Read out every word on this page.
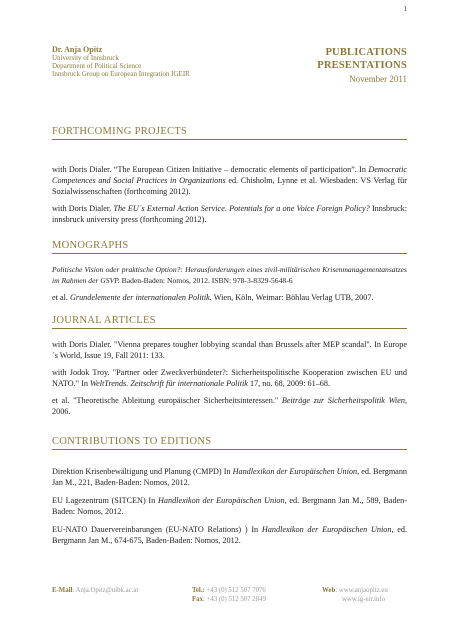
1
Dr. Anja Opitz
University of Innsbruck
Department of Political Science
Innsbruck Group on European Integration IGEIR
PUBLICATIONS
PRESENTATIONS
November 2011
FORTHCOMING PROJECTS
with Doris Dialer. “The European Citizen Initiative – democratic elements of participation”. In Democratic Competences and Social Practices in Organizations ed. Chisholm, Lynne et al. Wiesbaden: VS Verlag für Sozialwissenschaften (forthcoming 2012).
with Doris Dialer. The EU´s External Action Service. Potentials for a one Voice Foreign Policy? Innsbruck: innsbruck university press (forthcoming 2012).
MONOGRAPHS
Politische Vision oder praktische Option?: Herausforderungen eines zivil-militärischen Krisenmanagementansatzes im Rahmen der GSVP. Baden-Baden: Nomos, 2012. ISBN: 978-3-8329-5648-6
et al. Grundelemente der internationalen Politik. Wien, Köln, Weimar: Böhlau Verlag UTB, 2007.
JOURNAL ARTICLES
with Doris Dialer. "Vienna prepares tougher lobbying scandal than Brussels after MEP scandal". In Europe´s World, Issue 19, Fall 2011: 133.
with Jodok Troy. "Partner oder Zweckverbündeter?: Sicherheitspolitische Kooperation zwischen EU und NATO." In WeltTrends. Zeitschrift für internationale Politik 17, no. 68, 2009: 61–68.
et al. "Theoretische Ableitung europäischer Sicherheitsinteressen." Beiträge zur Sicherheitspolitik Wien, 2006.
CONTRIBUTIONS TO EDITIONS
Direktion Krisenbewältigung und Planung (CMPD) In Handlexikon der Europäischen Union, ed. Bergmann Jan M., 221, Baden-Baden: Nomos, 2012.
EU Lagezentrum (SITCEN) In Handlexikon der Europäischen Union, ed. Bergmann Jan M., 589, Baden-Baden: Nomos, 2012.
EU-NATO Dauervereinbarungen (EU-NATO Relations) ) In Handlexikon der Europäischen Union, ed. Bergmann Jan M., 674-675, Baden-Baden: Nomos, 2012.
E-Mail: Anja.Opitz@uibk.ac.at	Tel.: +43 (0) 512 507 7076
Fax: +43 (0) 512 507 2849
Web: www.anjaopitz.eu
www.ig-eir.info
